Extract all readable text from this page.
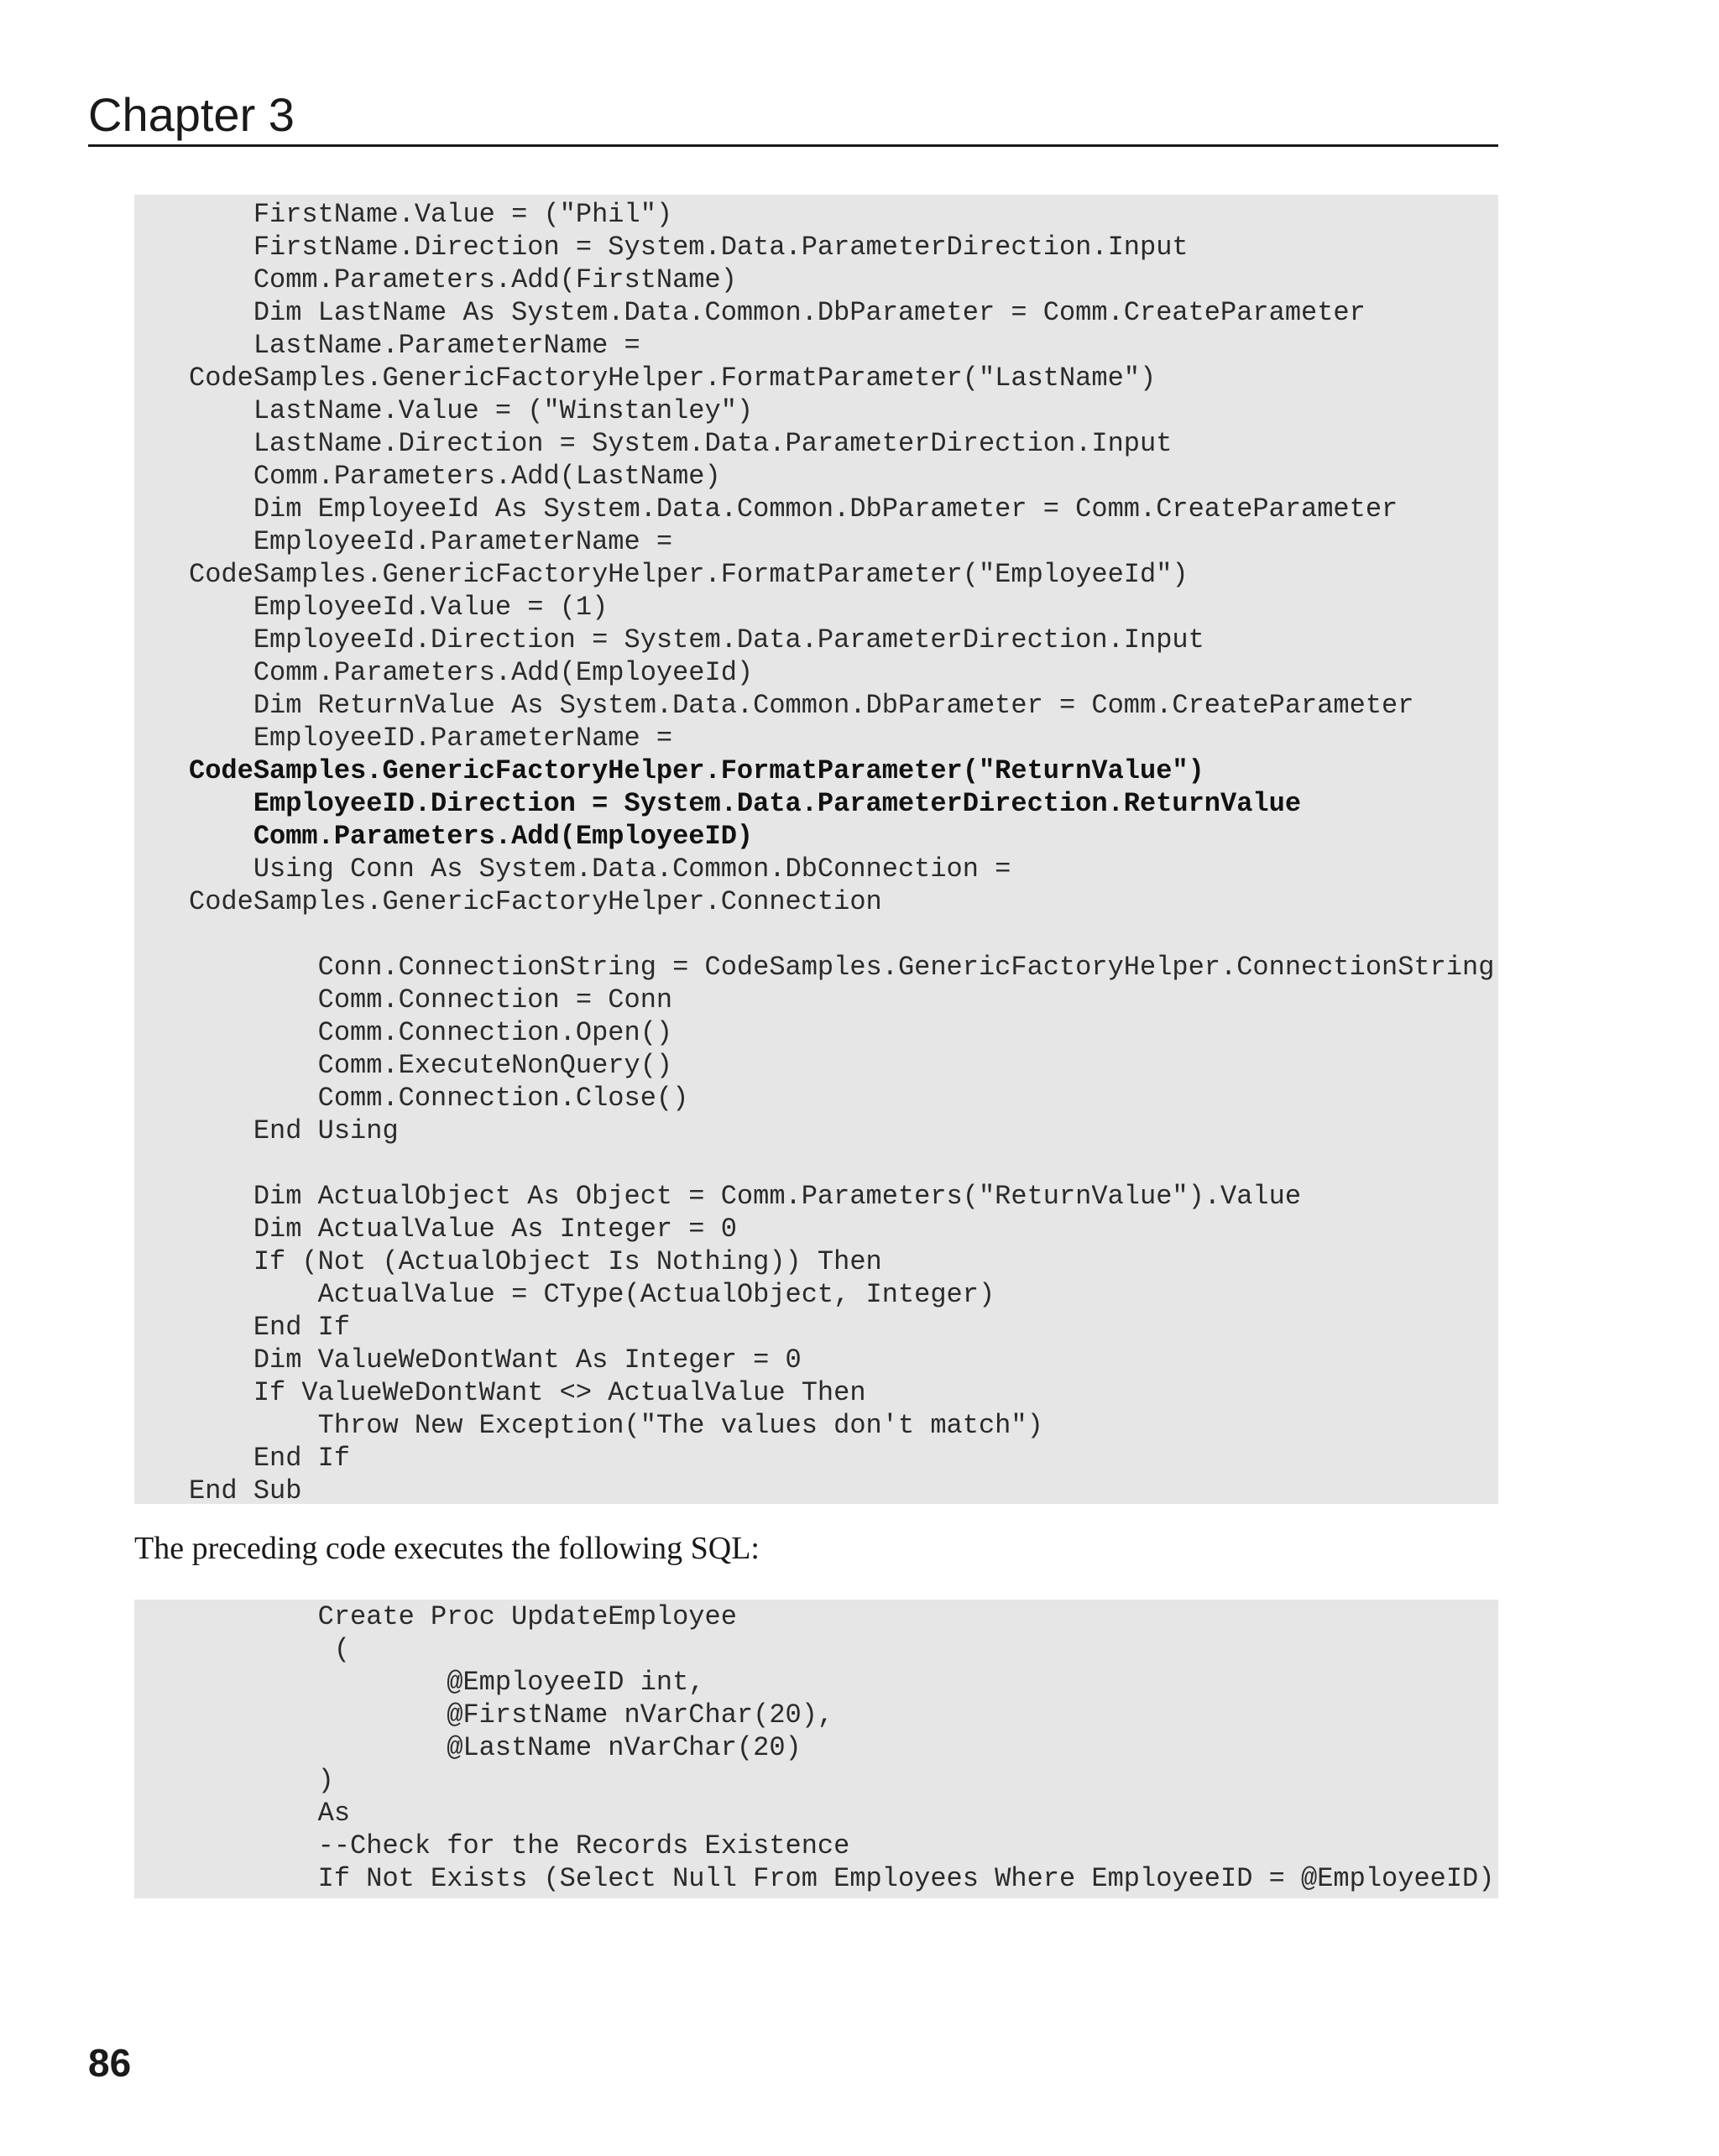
Chapter 3
FirstName.Value = ("Phil")
FirstName.Direction = System.Data.ParameterDirection.Input
Comm.Parameters.Add(FirstName)
Dim LastName As System.Data.Common.DbParameter = Comm.CreateParameter
LastName.ParameterName =
CodeSamples.GenericFactoryHelper.FormatParameter("LastName")
LastName.Value = ("Winstanley")
LastName.Direction = System.Data.ParameterDirection.Input
Comm.Parameters.Add(LastName)
Dim EmployeeId As System.Data.Common.DbParameter = Comm.CreateParameter
EmployeeId.ParameterName =
CodeSamples.GenericFactoryHelper.FormatParameter("EmployeeId")
EmployeeId.Value = (1)
EmployeeId.Direction = System.Data.ParameterDirection.Input
Comm.Parameters.Add(EmployeeId)
Dim ReturnValue As System.Data.Common.DbParameter = Comm.CreateParameter
EmployeeID.ParameterName =
CodeSamples.GenericFactoryHelper.FormatParameter("ReturnValue")
EmployeeID.Direction = System.Data.ParameterDirection.ReturnValue
Comm.Parameters.Add(EmployeeID)
Using Conn As System.Data.Common.DbConnection =
CodeSamples.GenericFactoryHelper.Connection
Conn.ConnectionString = CodeSamples.GenericFactoryHelper.ConnectionString
Comm.Connection = Conn
Comm.Connection.Open()
Comm.ExecuteNonQuery()
Comm.Connection.Close()
End Using
Dim ActualObject As Object = Comm.Parameters("ReturnValue").Value
Dim ActualValue As Integer = 0
If (Not (ActualObject Is Nothing)) Then
ActualValue = CType(ActualObject, Integer)
End If
Dim ValueWeDontWant As Integer = 0
If ValueWeDontWant <> ActualValue Then
Throw New Exception("The values don't match")
End If
End Sub

The preceding code executes the following SQL:

Create Proc UpdateEmployee
(
@EmployeeID int,
@FirstName nVarChar(20),
@LastName nVarChar(20)
)
As
--Check for the Records Existence
If Not Exists (Select Null From Employees Where EmployeeID = @EmployeeID)

86
